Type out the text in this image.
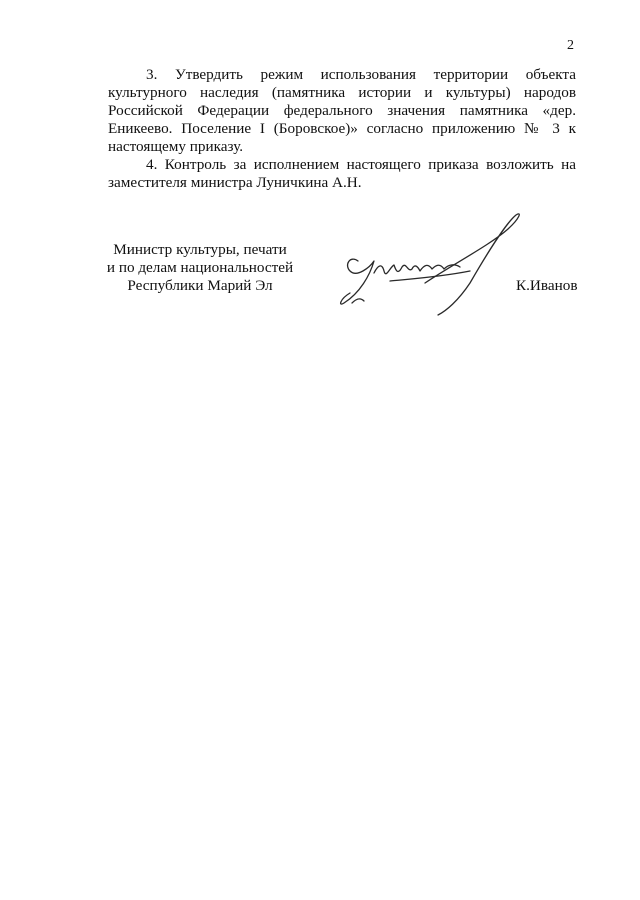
2

3. Утвердить режим использования территории объекта культурного наследия (памятника истории и культуры) народов Российской Федерации федерального значения памятника «дер. Еникеево. Поселение I (Боровское)» согласно приложению № 3 к настоящему приказу.

4. Контроль за исполнением настоящего приказа возложить на заместителя министра Луничкина А.Н.

Министр культуры, печати
и по делам национальностей
Республики Марий Эл	К.Иванов
